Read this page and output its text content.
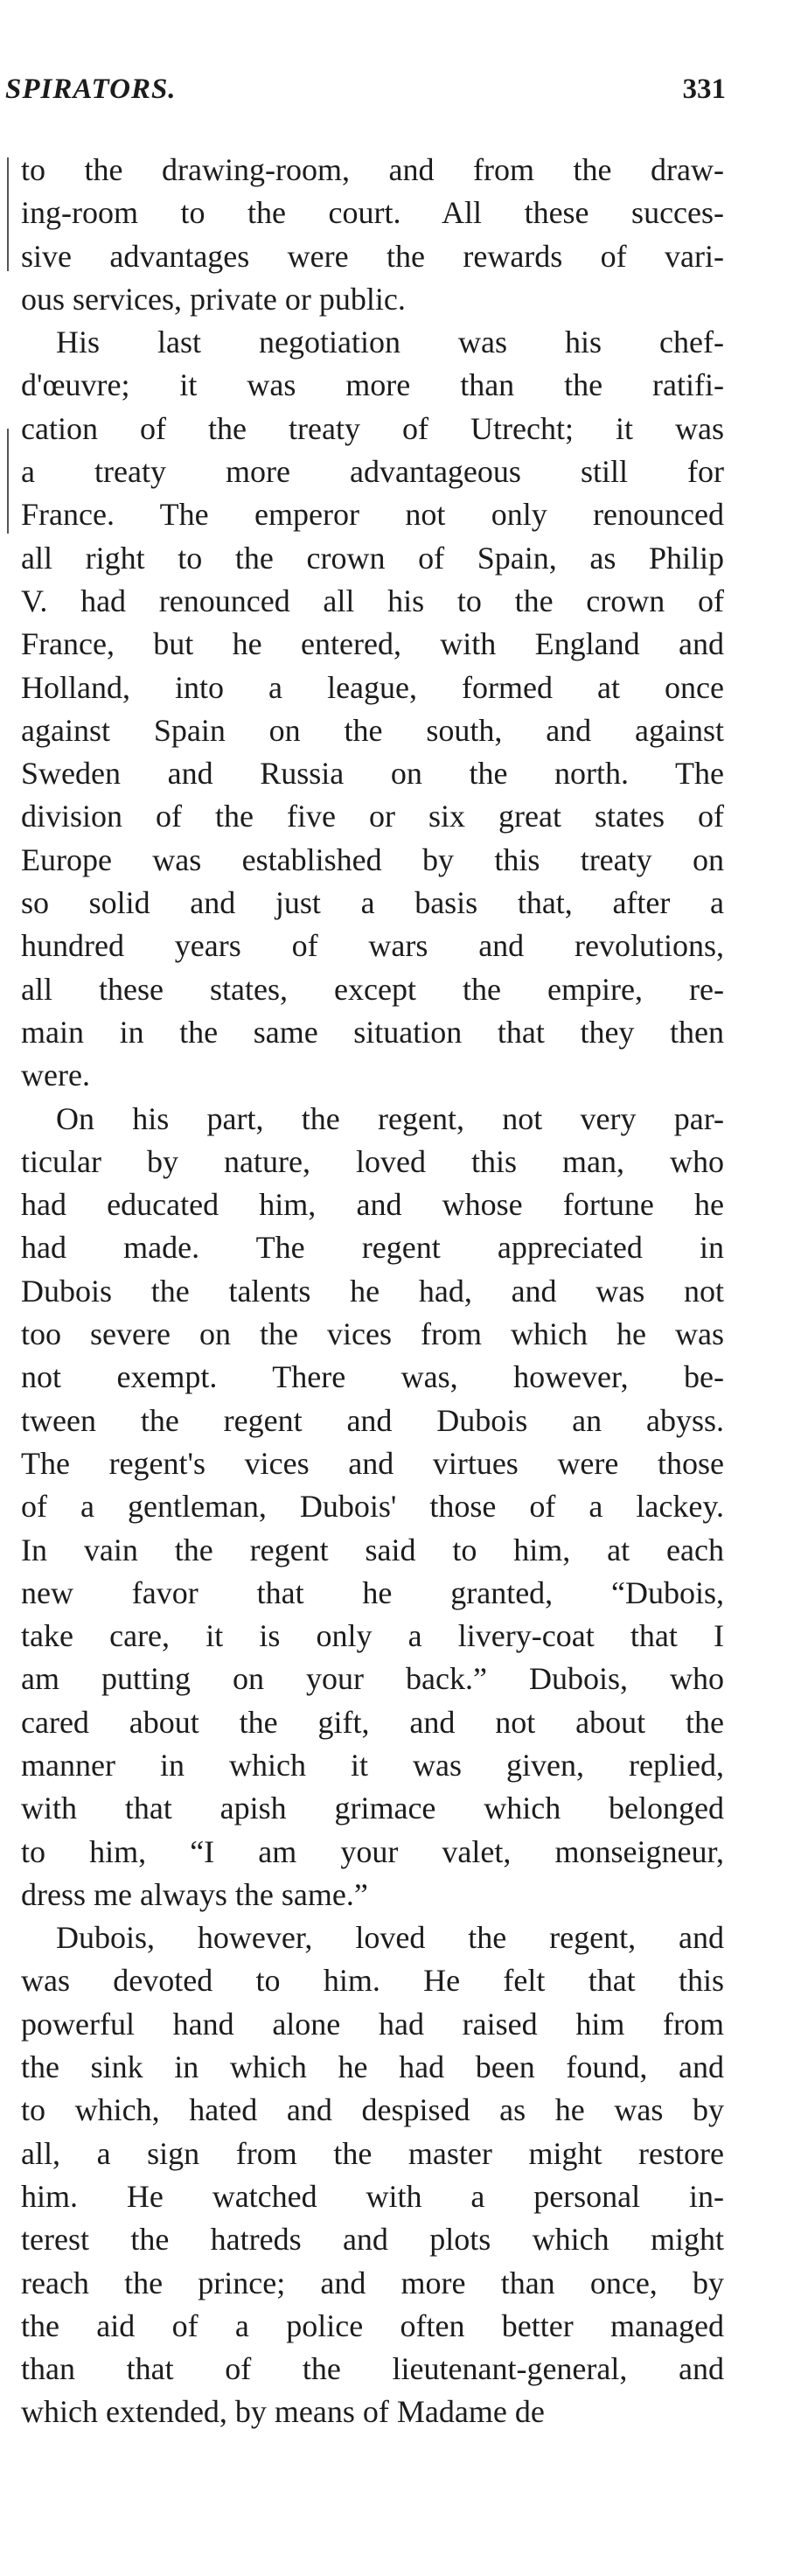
SPIRATORS.	331
to the drawing-room, and from the draw-
ing-room to the court. All these succes-
sive advantages were the rewards of vari-
ous services, private or public.
His last negotiation was his chef-
d'œuvre; it was more than the ratifi-
cation of the treaty of Utrecht; it was
a treaty more advantageous still for
France. The emperor not only renounced
all right to the crown of Spain, as Philip
V. had renounced all his to the crown of
France, but he entered, with England and
Holland, into a league, formed at once
against Spain on the south, and against
Sweden and Russia on the north. The
division of the five or six great states of
Europe was established by this treaty on
so solid and just a basis that, after a
hundred years of wars and revolutions,
all these states, except the empire, re-
main in the same situation that they then
were.
On his part, the regent, not very par-
ticular by nature, loved this man, who
had educated him, and whose fortune he
had made. The regent appreciated in
Dubois the talents he had, and was not
too severe on the vices from which he was
not exempt. There was, however, be-
tween the regent and Dubois an abyss.
The regent's vices and virtues were those
of a gentleman, Dubois' those of a lackey.
In vain the regent said to him, at each
new favor that he granted, “Dubois,
take care, it is only a livery-coat that I
am putting on your back.” Dubois, who
cared about the gift, and not about the
manner in which it was given, replied,
with that apish grimace which belonged
to him, “I am your valet, monseigneur,
dress me always the same.”
Dubois, however, loved the regent, and
was devoted to him. He felt that this
powerful hand alone had raised him from
the sink in which he had been found, and
to which, hated and despised as he was by
all, a sign from the master might restore
him. He watched with a personal in-
terest the hatreds and plots which might
reach the prince; and more than once, by
the aid of a police often better managed
than that of the lieutenant-general, and
which extended, by means of Madame de
